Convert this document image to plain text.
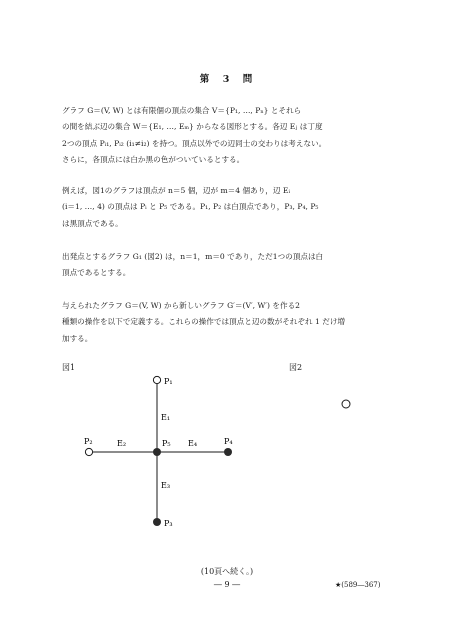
第　3　問

グラフ G＝(V, W) とは有限個の頂点の集合 V＝{P₁, …, Pₙ} とそれら
の間を結ぶ辺の集合 W＝{E₁, …, Eₘ} からなる図形とする。各辺 Eⱼ は丁度
2つの頂点 Pᵢ₁, Pᵢ₂ (i₁≠i₂) を持つ。頂点以外での辺同士の交わりは考えない。
さらに，各頂点には白か黒の色がついているとする。

例えば，図1のグラフは頂点が n＝5 個，辺が m＝4 個あり，辺 Eᵢ
(i＝1, …, 4) の頂点は Pᵢ と P₅ である。P₁, P₂ は白頂点であり，P₃, P₄, P₅
は黒頂点である。

出発点とするグラフ G₁ (図2) は，n＝1，m＝0 であり，ただ1つの頂点は白
頂点であるとする。

与えられたグラフ G＝(V, W) から新しいグラフ G′＝(V′, W′) を作る2
種類の操作を以下で定義する。これらの操作では頂点と辺の数がそれぞれ 1 だけ増
加する。

図1	図2
E₁
E₂
E₃
E₄
P₁
P₂
P₃
P₄
P₅
(10頁へ続く。)
― 9 ―	★(589―367)
